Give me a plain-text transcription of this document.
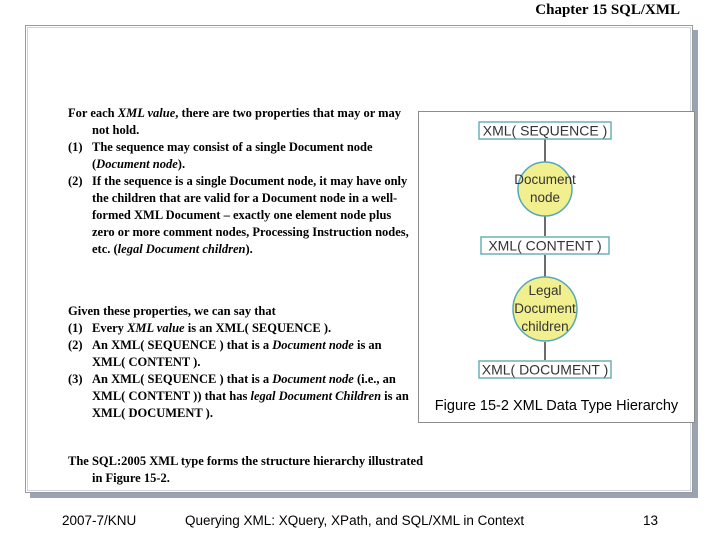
Chapter 15 SQL/XML

For each XML value, there are two properties that may or may not hold.

(1) The sequence may consist of a single Document node (Document node).

(2) If the sequence is a single Document node, it may have only the children that are valid for a Document node in a well-formed XML Document – exactly one element node plus zero or more comment nodes, Processing Instruction nodes, etc. (legal Document children).

Given these properties, we can say that

(1) Every XML value is an XML( SEQUENCE ).

(2) An XML( SEQUENCE ) that is a Document node is an XML( CONTENT ).

(3) An XML( SEQUENCE ) that is a Document node (i.e., an XML( CONTENT )) that has legal Document Children is an XML( DOCUMENT ).

The SQL:2005 XML type forms the structure hierarchy illustrated in Figure 15-2.

XML( SEQUENCE )
Document
node
XML( CONTENT )
Legal
Document
children
XML( DOCUMENT )
Figure 15-2 XML Data Type Hierarchy
2007-7/KNU	Querying XML: XQuery, XPath, and SQL/XML in Context	13
